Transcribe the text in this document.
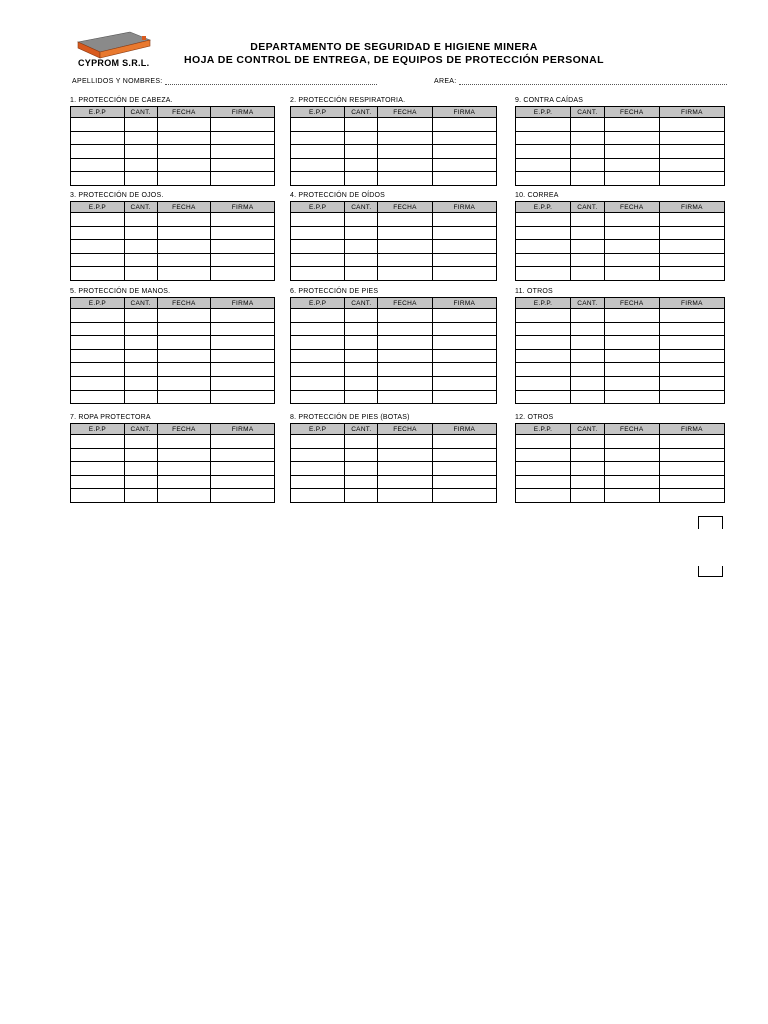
CYPROM S.R.L.
DEPARTAMENTO DE SEGURIDAD E HIGIENE MINERA
HOJA DE CONTROL DE ENTREGA, DE EQUIPOS DE PROTECCIÓN PERSONAL
APELLIDOS Y NOMBRES:	AREA:
1. PROTECCIÓN DE CABEZA.
E.P.P	CANT.	FECHA	FIRMA

2. PROTECCIÓN RESPIRATORIA.
E.P.P	CANT.	FECHA	FIRMA

9. CONTRA CAÍDAS
E.P.P.	CANT.	FECHA	FIRMA

3. PROTECCIÓN DE OJOS.
E.P.P	CANT.	FECHA	FIRMA

4. PROTECCIÓN DE OÍDOS
E.P.P	CANT.	FECHA	FIRMA

10. CORREA
E.P.P.	CANT.	FECHA	FIRMA

5. PROTECCIÓN DE MANOS.
E.P.P	CANT.	FECHA	FIRMA

6. PROTECCIÓN DE PIES
E.P.P	CANT.	FECHA	FIRMA

11. OTROS
E.P.P.	CANT.	FECHA	FIRMA

7. ROPA PROTECTORA
E.P.P	CANT.	FECHA	FIRMA

8. PROTECCIÓN DE PIES (BOTAS)
E.P.P	CANT.	FECHA	FIRMA

12. OTROS
E.P.P.	CANT.	FECHA	FIRMA
